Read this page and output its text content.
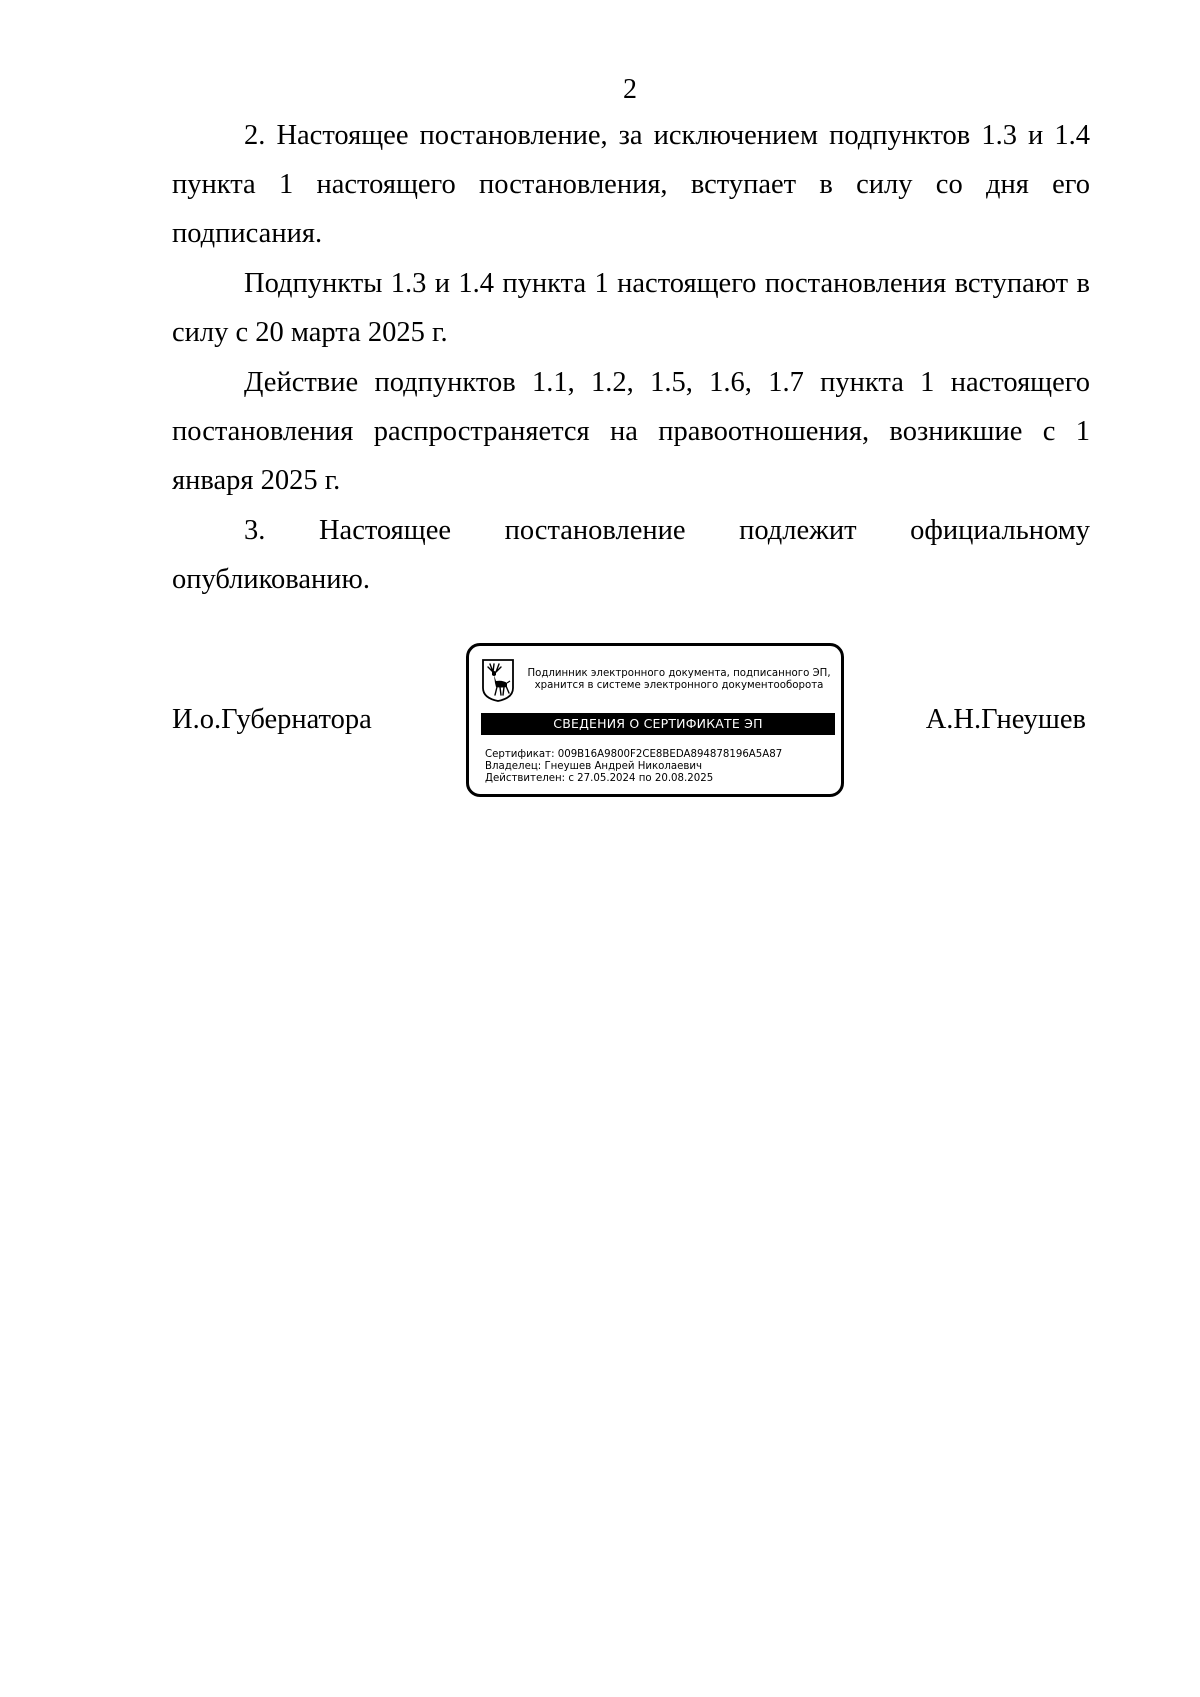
2

2. Настоящее постановление, за исключением подпунктов 1.3 и 1.4 пункта 1 настоящего постановления, вступает в силу со дня его подписания.

Подпункты 1.3 и 1.4 пункта 1 настоящего постановления вступают в силу с 20 марта 2025 г.

Действие подпунктов 1.1, 1.2, 1.5, 1.6, 1.7 пункта 1 настоящего постановления распространяется на правоотношения, возникшие с 1 января 2025 г.

3. Настоящее постановление подлежит официальному опубликованию.

И.о.Губернатора
Подлинник электронного документа, подписанного ЭП,
хранится в системе электронного документооборота
СВЕДЕНИЯ О СЕРТИФИКАТЕ ЭП
Сертификат: 009B16A9800F2CE8BEDA894878196A5A87
Владелец: Гнеушев Андрей Николаевич
Действителен: с 27.05.2024 по 20.08.2025
А.Н.Гнеушев
